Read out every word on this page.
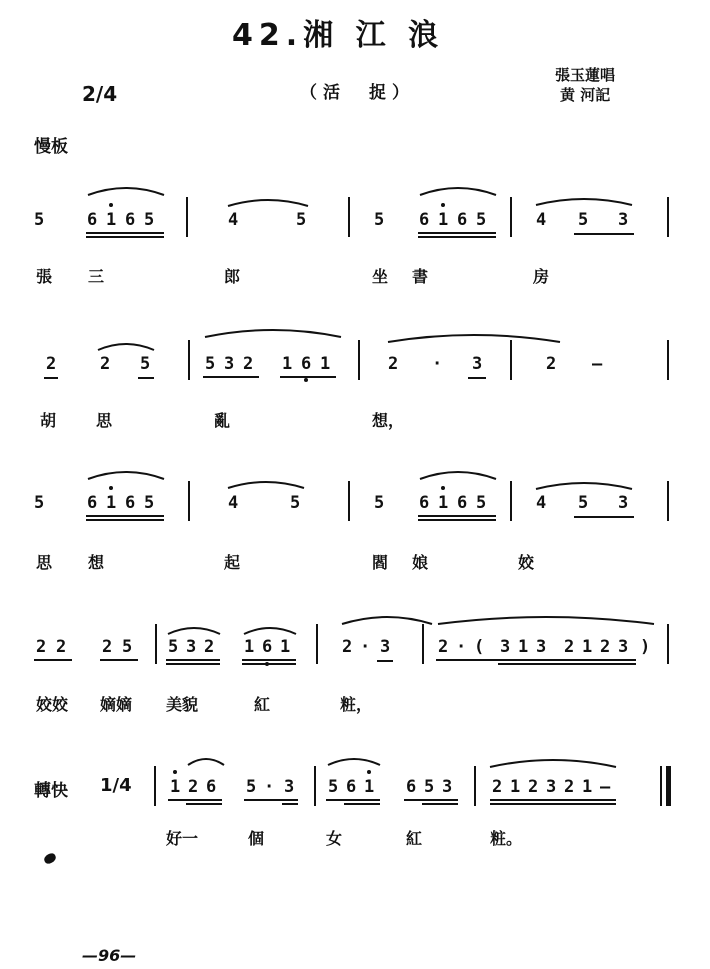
42.湘 江 浪
張玉蓮唱
黄 河記
（活　捉）
2/4
慢板
5	6 1 6 5	4	5	5 6 1 6 5	4 5 3
張 三	郎	坐 書	房
2	2 5	5 3 2 1 6 1	2 · 3	2 —
胡 思	亂	想，
5	6 1 6 5	4	5	5 6 1 6 5	4 5 3
思 想	起	閻 娘	姣
2 2 2 5 5 3 2 1 6 1	2 · 3	2 · ( 3 1 3 2 1 2 3 )
姣姣 嫡嫡 美貌	紅	粧，
轉快 1/4 1 2 6 5 · 3 5 6 1 6 5 3 2 1 2 3 2 1 —
好一	個	女	紅	粧。
—96—
